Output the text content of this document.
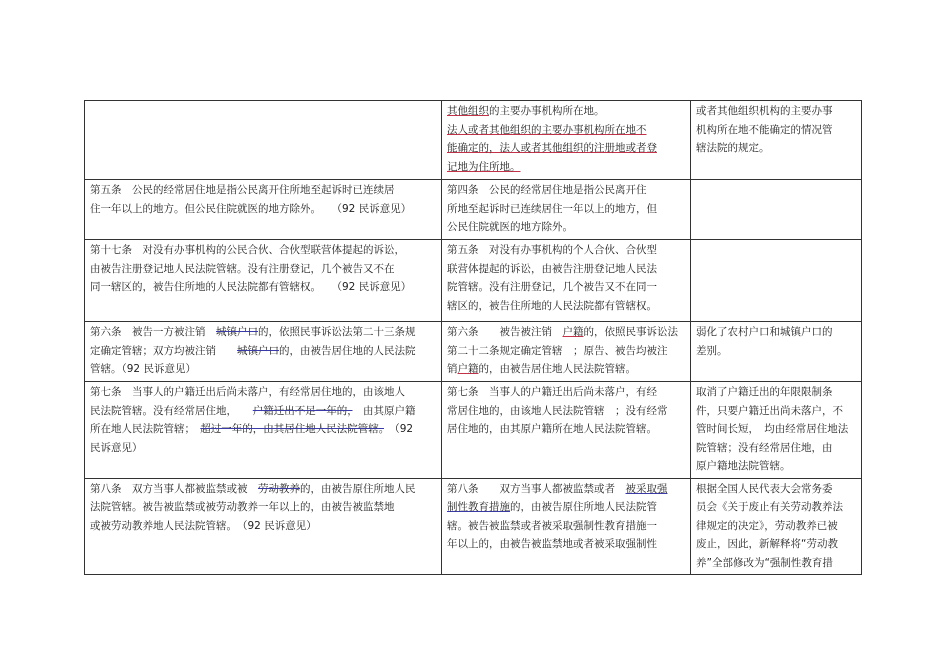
	其他组织的主要办事机构所在地。
法人或者其他组织的主要办事机构所在地不
能确定的，法人或者其他组织的注册地或者登
记地为住所地。	或者其他组织机构的主要办事
机构所在地不能确定的情况管
辖法院的规定。

第五条　公民的经常居住地是指公民离开住所地至起诉时已连续居
住一年以上的地方。但公民住院就医的地方除外。　　（92 民诉意见）	第四条　公民的经常居住地是指公民离开住
所地至起诉时已连续居住一年以上的地方，但
公民住院就医的地方除外。	

第十七条　对没有办事机构的公民合伙、合伙型联营体提起的诉讼，
由被告注册登记地人民法院管辖。没有注册登记，几个被告又不在
同一辖区的，被告住所地的人民法院都有管辖权。　　（92 民诉意见）	第五条　对没有办事机构的个人合伙、合伙型
联营体提起的诉讼，由被告注册登记地人民法
院管辖。没有注册登记，几个被告又不在同一
辖区的，被告住所地的人民法院都有管辖权。	

第六条　被告一方被注销　城镇户口的，依照民事诉讼法第二十三条规
定确定管辖；双方均被注销　　城镇户口的，由被告居住地的人民法院
管辖。（92 民诉意见）	第六条　　被告被注销　户籍的，依照民事诉讼法
第二十二条规定确定管辖　；原告、被告均被注
销户籍的，由被告居住地人民法院管辖。	弱化了农村户口和城镇户口的
差别。

第七条　当事人的户籍迁出后尚未落户，有经常居住地的，由该地人
民法院管辖。没有经常居住地，　　户籍迁出不足一年的，　由其原户籍
所在地人民法院管辖；　超过一年的，由其居住地人民法院管辖。　（92
民诉意见）	第七条　当事人的户籍迁出后尚未落户，有经
常居住地的，由该地人民法院管辖　；没有经常
居住地的，由其原户籍所在地人民法院管辖。	取消了户籍迁出的年限限制条
件，只要户籍迁出尚未落户，不
管时间长短，　均由经常居住地法
院管辖；没有经常居住地，由
原户籍地法院管辖。

第八条　双方当事人都被监禁或被　劳动教养的，由被告原住所地人民
法院管辖。被告被监禁或被劳动教养一年以上的，由被告被监禁地
或被劳动教养地人民法院管辖。　（92 民诉意见）	第八条　　双方当事人都被监禁或者　被采取强
制性教育措施的，由被告原住所地人民法院管
辖。被告被监禁或者被采取强制性教育措施一
年以上的，由被告被监禁地或者被采取强制性	根据全国人民代表大会常务委
员会《关于废止有关劳动教养法
律规定的决定》，劳动教养已被
废止，因此，新解释将“劳动教
养”全部修改为“强制性教育措
